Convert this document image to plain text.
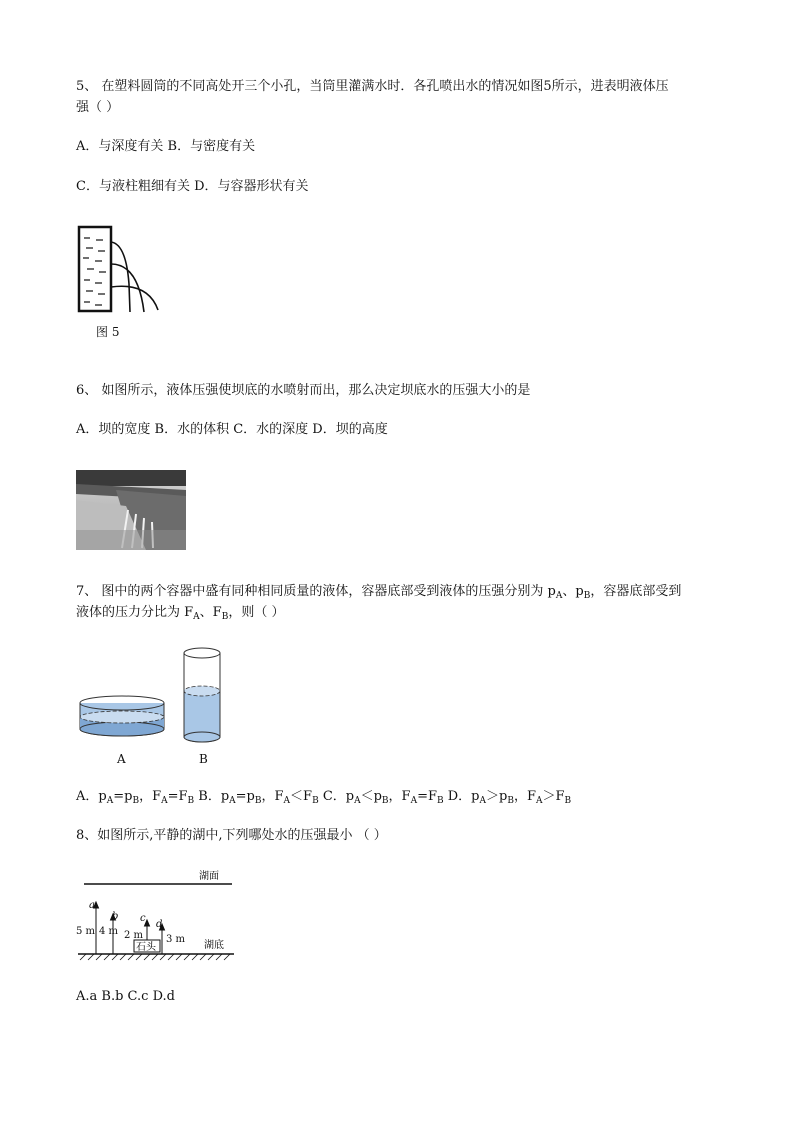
5、 在塑料圆筒的不同高处开三个小孔，当筒里灌满水时．各孔喷出水的情况如图5所示，进表明液体压
强（ ）
A．与深度有关 B．与密度有关
C．与液柱粗细有关 D．与容器形状有关
图 5
6、 如图所示，液体压强使坝底的水喷射而出，那么决定坝底水的压强大小的是
A．坝的宽度 B．水的体积 C．水的深度 D．坝的高度
7、 图中的两个容器中盛有同种相同质量的液体，容器底部受到液体的压强分别为 $p_A$、$p_B$，容器底部受到
液体的压力分比为 $F_A$、$F_B$，则（ ）
A	B
A．$p_A=p_B$，$F_A=F_B$ B．$p_A=p_B$，$F_A<F_B$ C．$p_A<p_B$，$F_A=F_B$ D．$p_A>p_B$，$F_A>F_B$
8、如图所示,平静的湖中,下列哪处水的压强最小 （ ）
湖面
湖底
石头
a
b c
d
5 m 4 m 2 m 3 m
A.a B.b C.c D.d
